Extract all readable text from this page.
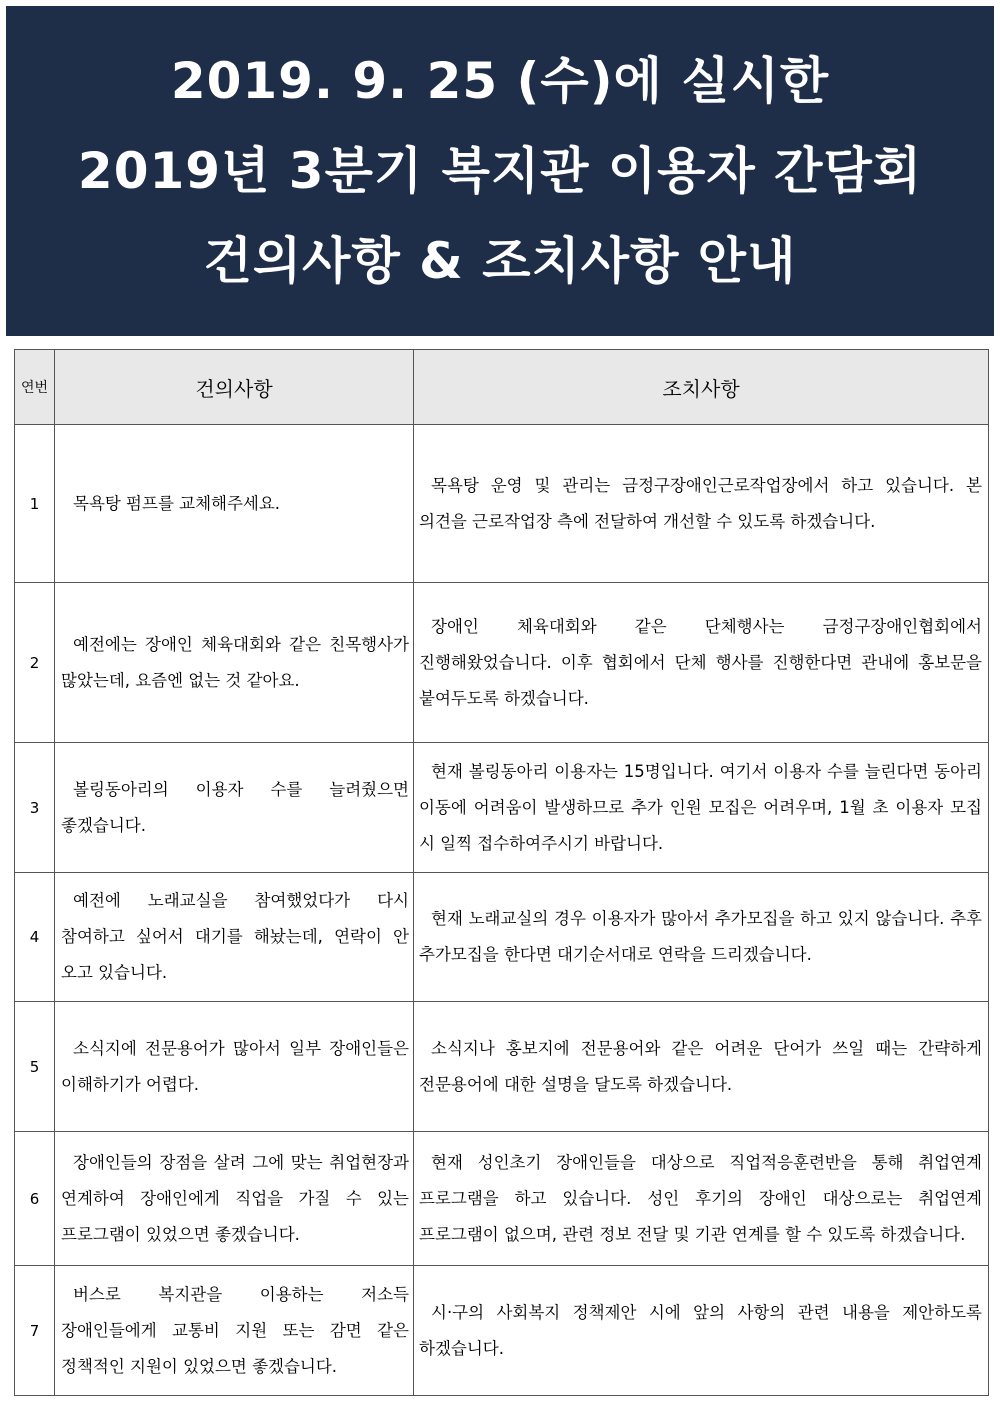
2019. 9. 25 (수)에 실시한
2019년 3분기 복지관 이용자 간담회
건의사항 & 조치사항 안내
연번	건의사항	조치사항
1	목욕탕 펌프를 교체해주세요.	목욕탕 운영 및 관리는 금정구장애인근로작업장에서 하고 있습니다. 본 의견을 근로작업장 측에 전달하여 개선할 수 있도록 하겠습니다.
2	예전에는 장애인 체육대회와 같은 친목행사가 많았는데, 요즘엔 없는 것 같아요.	장애인 체육대회와 같은 단체행사는 금정구장애인협회에서 진행해왔었습니다. 이후 협회에서 단체 행사를 진행한다면 관내에 홍보문을 붙여두도록 하겠습니다.
3	볼링동아리의 이용자 수를 늘려줬으면 좋겠습니다.	현재 볼링동아리 이용자는 15명입니다. 여기서 이용자 수를 늘린다면 동아리 이동에 어려움이 발생하므로 추가 인원 모집은 어려우며, 1월 초 이용자 모집 시 일찍 접수하여주시기 바랍니다.
4	예전에 노래교실을 참여했었다가 다시 참여하고 싶어서 대기를 해놨는데, 연락이 안 오고 있습니다.	현재 노래교실의 경우 이용자가 많아서 추가모집을 하고 있지 않습니다. 추후 추가모집을 한다면 대기순서대로 연락을 드리겠습니다.
5	소식지에 전문용어가 많아서 일부 장애인들은 이해하기가 어렵다.	소식지나 홍보지에 전문용어와 같은 어려운 단어가 쓰일 때는 간략하게 전문용어에 대한 설명을 달도록 하겠습니다.
6	장애인들의 장점을 살려 그에 맞는 취업현장과 연계하여 장애인에게 직업을 가질 수 있는 프로그램이 있었으면 좋겠습니다.	현재 성인초기 장애인들을 대상으로 직업적응훈련반을 통해 취업연계 프로그램을 하고 있습니다. 성인 후기의 장애인 대상으로는 취업연계 프로그램이 없으며, 관련 정보 전달 및 기관 연계를 할 수 있도록 하겠습니다.
7	버스로 복지관을 이용하는 저소득 장애인들에게 교통비 지원 또는 감면 같은 정책적인 지원이 있었으면 좋겠습니다.	시·구의 사회복지 정책제안 시에 앞의 사항의 관련 내용을 제안하도록 하겠습니다.
